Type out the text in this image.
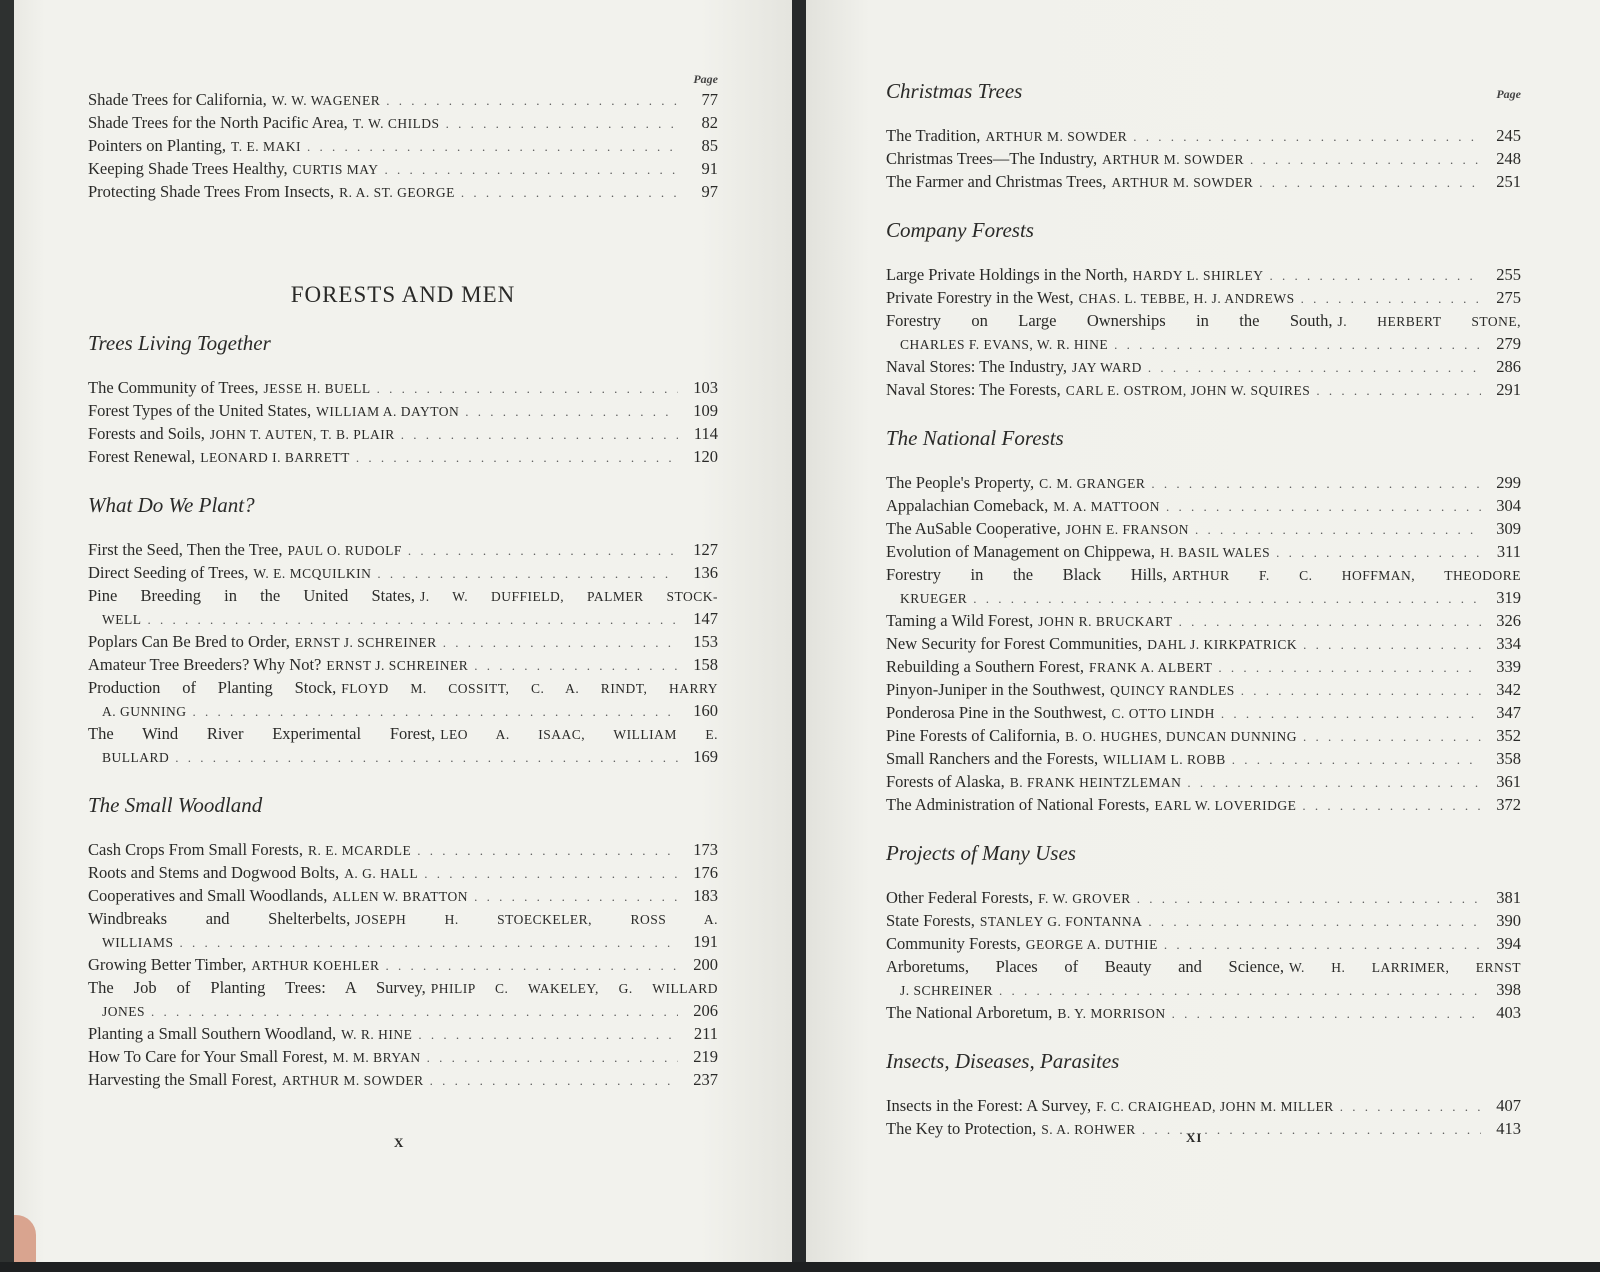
Page
Shade Trees for California, W. W. WAGENER . . .	77
Shade Trees for the North Pacific Area, T. W. CHILDS . . .	82
Pointers on Planting, T. E. MAKI . . .	85
Keeping Shade Trees Healthy, CURTIS MAY . . .	91
Protecting Shade Trees From Insects, R. A. ST. GEORGE . . .	97
FORESTS AND MEN
Trees Living Together
The Community of Trees, JESSE H. BUELL . . .	103
Forest Types of the United States, WILLIAM A. DAYTON . . .	109
Forests and Soils, JOHN T. AUTEN, T. B. PLAIR . . .	114
Forest Renewal, LEONARD I. BARRETT . . .	120
What Do We Plant?
First the Seed, Then the Tree, PAUL O. RUDOLF . . .	127
Direct Seeding of Trees, W. E. MCQUILKIN . . .	136
Pine Breeding in the United States, J. W. DUFFIELD, PALMER STOCK-
WELL . . .	147
Poplars Can Be Bred to Order, ERNST J. SCHREINER . . .	153
Amateur Tree Breeders? Why Not? ERNST J. SCHREINER . . .	158
Production of Planting Stock, FLOYD M. COSSITT, C. A. RINDT, HARRY
A. GUNNING . . .	160
The Wind River Experimental Forest, LEO A. ISAAC, WILLIAM E.
BULLARD . . .	169
The Small Woodland
Cash Crops From Small Forests, R. E. MCARDLE . . .	173
Roots and Stems and Dogwood Bolts, A. G. HALL . . .	176
Cooperatives and Small Woodlands, ALLEN W. BRATTON . . .	183
Windbreaks and Shelterbelts, JOSEPH H. STOECKELER, ROSS A.
WILLIAMS . . .	191
Growing Better Timber, ARTHUR KOEHLER . . .	200
The Job of Planting Trees: A Survey, PHILIP C. WAKELEY, G. WILLARD
JONES . . .	206
Planting a Small Southern Woodland, W. R. HINE . . .	211
How To Care for Your Small Forest, M. M. BRYAN . . .	219
Harvesting the Small Forest, ARTHUR M. SOWDER . . .	237
X
Christmas Trees	Page
The Tradition, ARTHUR M. SOWDER . . .	245
Christmas Trees—The Industry, ARTHUR M. SOWDER . . .	248
The Farmer and Christmas Trees, ARTHUR M. SOWDER . . .	251
Company Forests
Large Private Holdings in the North, HARDY L. SHIRLEY . . .	255
Private Forestry in the West, CHAS. L. TEBBE, H. J. ANDREWS . . .	275
Forestry on Large Ownerships in the South, J. HERBERT STONE,
CHARLES F. EVANS, W. R. HINE . . .	279
Naval Stores: The Industry, JAY WARD . . .	286
Naval Stores: The Forests, CARL E. OSTROM, JOHN W. SQUIRES . . .	291
The National Forests
The People's Property, C. M. GRANGER . . .	299
Appalachian Comeback, M. A. MATTOON . . .	304
The AuSable Cooperative, JOHN E. FRANSON . . .	309
Evolution of Management on Chippewa, H. BASIL WALES . . .	311
Forestry in the Black Hills, ARTHUR F. C. HOFFMAN, THEODORE
KRUEGER . . .	319
Taming a Wild Forest, JOHN R. BRUCKART . . .	326
New Security for Forest Communities, DAHL J. KIRKPATRICK . . .	334
Rebuilding a Southern Forest, FRANK A. ALBERT . . .	339
Pinyon-Juniper in the Southwest, QUINCY RANDLES . . .	342
Ponderosa Pine in the Southwest, C. OTTO LINDH . . .	347
Pine Forests of California, B. O. HUGHES, DUNCAN DUNNING . . .	352
Small Ranchers and the Forests, WILLIAM L. ROBB . . .	358
Forests of Alaska, B. FRANK HEINTZLEMAN . . .	361
The Administration of National Forests, EARL W. LOVERIDGE . . .	372
Projects of Many Uses
Other Federal Forests, F. W. GROVER . . .	381
State Forests, STANLEY G. FONTANNA . . .	390
Community Forests, GEORGE A. DUTHIE . . .	394
Arboretums, Places of Beauty and Science, W. H. LARRIMER, ERNST
J. SCHREINER . . .	398
The National Arboretum, B. Y. MORRISON . . .	403
Insects, Diseases, Parasites
Insects in the Forest: A Survey, F. C. CRAIGHEAD, JOHN M. MILLER . . .	407
The Key to Protection, S. A. ROHWER . . .	413
XI
